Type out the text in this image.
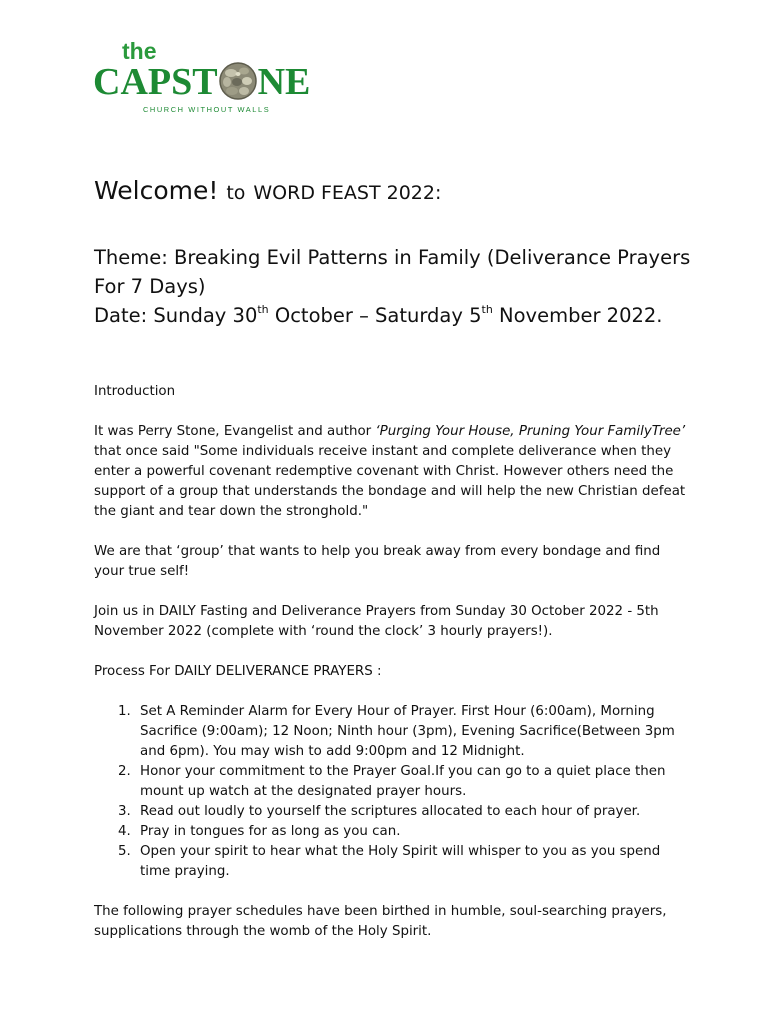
the
CAPST NE
CHURCH WITHOUT WALLS
Welcome! to WORD FEAST 2022:

Theme: Breaking Evil Patterns in Family (Deliverance Prayers For 7 Days)

Date: Sunday 30th October – Saturday 5th November 2022.

Introduction

It was Perry Stone, Evangelist and author ‘Purging Your House, Pruning Your FamilyTree’ that once said "Some individuals receive instant and complete deliverance when they enter a powerful covenant redemptive covenant with Christ. However others need the support of a group that understands the bondage and will help the new Christian defeat the giant and tear down the stronghold."

We are that ‘group’ that wants to help you break away from every bondage and find your true self!

Join us in DAILY Fasting and Deliverance Prayers from Sunday 30 October 2022 - 5th November 2022 (complete with ‘round the clock’ 3 hourly prayers!).

Process For DAILY DELIVERANCE PRAYERS :

1. Set A Reminder Alarm for Every Hour of Prayer. First Hour (6:00am), Morning Sacrifice (9:00am); 12 Noon; Ninth hour (3pm), Evening Sacrifice(Between 3pm and 6pm). You may wish to add 9:00pm and 12 Midnight.
2. Honor your commitment to the Prayer Goal.If you can go to a quiet place then mount up watch at the designated prayer hours.
3. Read out loudly to yourself the scriptures allocated to each hour of prayer.
4. Pray in tongues for as long as you can.
5. Open your spirit to hear what the Holy Spirit will whisper to you as you spend time praying.

The following prayer schedules have been birthed in humble, soul-searching prayers, supplications through the womb of the Holy Spirit.
